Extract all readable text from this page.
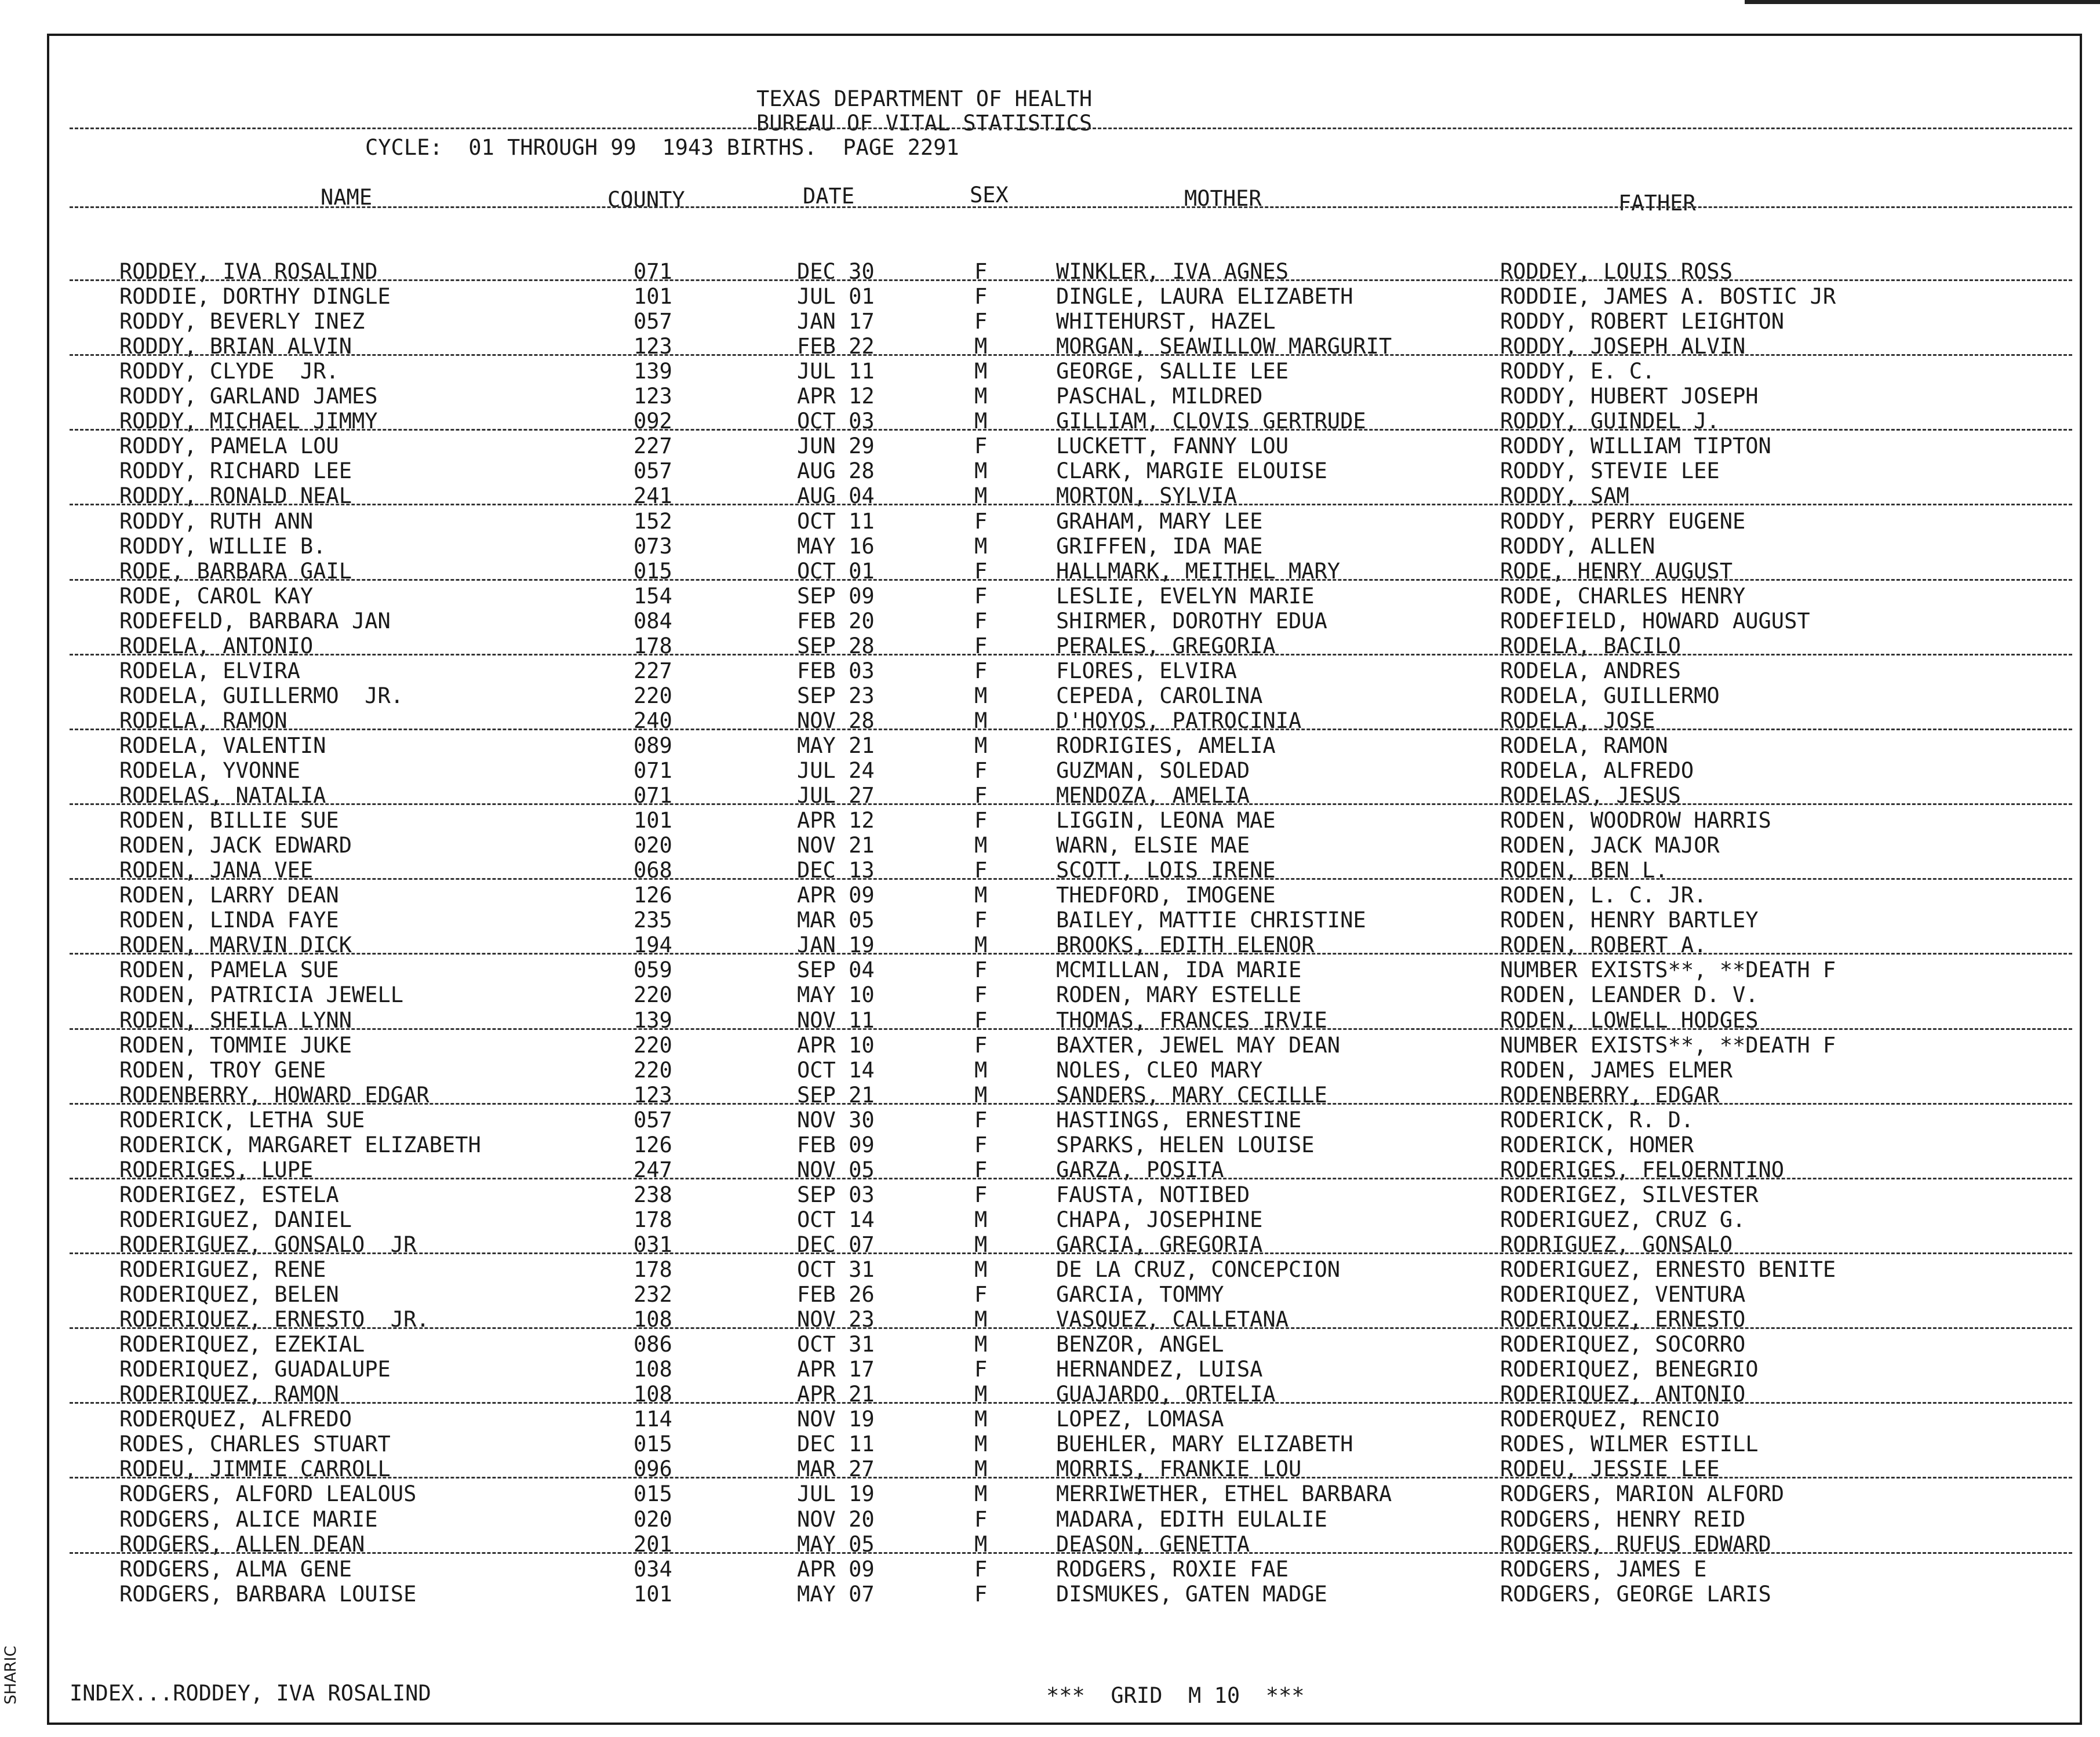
SHARIC
TEXAS DEPARTMENT OF HEALTH
BUREAU OF VITAL STATISTICS
CYCLE:  01 THROUGH 99  1943 BIRTHS.  PAGE 2291
NAME	COUNTY	DATE	SEX	MOTHER	FATHER
RODDEY, IVA ROSALIND	071	DEC 30	F	WINKLER, IVA AGNES	RODDEY, LOUIS ROSS
RODDIE, DORTHY DINGLE	101	JUL 01	F	DINGLE, LAURA ELIZABETH	RODDIE, JAMES A. BOSTIC JR
RODDY, BEVERLY INEZ	057	JAN 17	F	WHITEHURST, HAZEL	RODDY, ROBERT LEIGHTON
RODDY, BRIAN ALVIN	123	FEB 22	M	MORGAN, SEAWILLOW MARGURIT	RODDY, JOSEPH ALVIN
RODDY, CLYDE  JR.	139	JUL 11	M	GEORGE, SALLIE LEE	RODDY, E. C.
RODDY, GARLAND JAMES	123	APR 12	M	PASCHAL, MILDRED	RODDY, HUBERT JOSEPH
RODDY, MICHAEL JIMMY	092	OCT 03	M	GILLIAM, CLOVIS GERTRUDE	RODDY, GUINDEL J.
RODDY, PAMELA LOU	227	JUN 29	F	LUCKETT, FANNY LOU	RODDY, WILLIAM TIPTON
RODDY, RICHARD LEE	057	AUG 28	M	CLARK, MARGIE ELOUISE	RODDY, STEVIE LEE
RODDY, RONALD NEAL	241	AUG 04	M	MORTON, SYLVIA	RODDY, SAM
RODDY, RUTH ANN	152	OCT 11	F	GRAHAM, MARY LEE	RODDY, PERRY EUGENE
RODDY, WILLIE B.	073	MAY 16	M	GRIFFEN, IDA MAE	RODDY, ALLEN
RODE, BARBARA GAIL	015	OCT 01	F	HALLMARK, MEITHEL MARY	RODE, HENRY AUGUST
RODE, CAROL KAY	154	SEP 09	F	LESLIE, EVELYN MARIE	RODE, CHARLES HENRY
RODEFELD, BARBARA JAN	084	FEB 20	F	SHIRMER, DOROTHY EDUA	RODEFIELD, HOWARD AUGUST
RODELA, ANTONIO	178	SEP 28	F	PERALES, GREGORIA	RODELA, BACILO
RODELA, ELVIRA	227	FEB 03	F	FLORES, ELVIRA	RODELA, ANDRES
RODELA, GUILLERMO  JR.	220	SEP 23	M	CEPEDA, CAROLINA	RODELA, GUILLERMO
RODELA, RAMON	240	NOV 28	M	D'HOYOS, PATROCINIA	RODELA, JOSE
RODELA, VALENTIN	089	MAY 21	M	RODRIGIES, AMELIA	RODELA, RAMON
RODELA, YVONNE	071	JUL 24	F	GUZMAN, SOLEDAD	RODELA, ALFREDO
RODELAS, NATALIA	071	JUL 27	F	MENDOZA, AMELIA	RODELAS, JESUS
RODEN, BILLIE SUE	101	APR 12	F	LIGGIN, LEONA MAE	RODEN, WOODROW HARRIS
RODEN, JACK EDWARD	020	NOV 21	M	WARN, ELSIE MAE	RODEN, JACK MAJOR
RODEN, JANA VEE	068	DEC 13	F	SCOTT, LOIS IRENE	RODEN, BEN L.
RODEN, LARRY DEAN	126	APR 09	M	THEDFORD, IMOGENE	RODEN, L. C. JR.
RODEN, LINDA FAYE	235	MAR 05	F	BAILEY, MATTIE CHRISTINE	RODEN, HENRY BARTLEY
RODEN, MARVIN DICK	194	JAN 19	M	BROOKS, EDITH ELENOR	RODEN, ROBERT A.
RODEN, PAMELA SUE	059	SEP 04	F	MCMILLAN, IDA MARIE	NUMBER EXISTS**, **DEATH F
RODEN, PATRICIA JEWELL	220	MAY 10	F	RODEN, MARY ESTELLE	RODEN, LEANDER D. V.
RODEN, SHEILA LYNN	139	NOV 11	F	THOMAS, FRANCES IRVIE	RODEN, LOWELL HODGES
RODEN, TOMMIE JUKE	220	APR 10	F	BAXTER, JEWEL MAY DEAN	NUMBER EXISTS**, **DEATH F
RODEN, TROY GENE	220	OCT 14	M	NOLES, CLEO MARY	RODEN, JAMES ELMER
RODENBERRY, HOWARD EDGAR	123	SEP 21	M	SANDERS, MARY CECILLE	RODENBERRY, EDGAR
RODERICK, LETHA SUE	057	NOV 30	F	HASTINGS, ERNESTINE	RODERICK, R. D.
RODERICK, MARGARET ELIZABETH	126	FEB 09	F	SPARKS, HELEN LOUISE	RODERICK, HOMER
RODERIGES, LUPE	247	NOV 05	F	GARZA, POSITA	RODERIGES, FELOERNTINO
RODERIGEZ, ESTELA	238	SEP 03	F	FAUSTA, NOTIBED	RODERIGEZ, SILVESTER
RODERIGUEZ, DANIEL	178	OCT 14	M	CHAPA, JOSEPHINE	RODERIGUEZ, CRUZ G.
RODERIGUEZ, GONSALO  JR	031	DEC 07	M	GARCIA, GREGORIA	RODRIGUEZ, GONSALO
RODERIGUEZ, RENE	178	OCT 31	M	DE LA CRUZ, CONCEPCION	RODERIGUEZ, ERNESTO BENITE
RODERIQUEZ, BELEN	232	FEB 26	F	GARCIA, TOMMY	RODERIQUEZ, VENTURA
RODERIQUEZ, ERNESTO  JR.	108	NOV 23	M	VASQUEZ, CALLETANA	RODERIQUEZ, ERNESTO
RODERIQUEZ, EZEKIAL	086	OCT 31	M	BENZOR, ANGEL	RODERIQUEZ, SOCORRO
RODERIQUEZ, GUADALUPE	108	APR 17	F	HERNANDEZ, LUISA	RODERIQUEZ, BENEGRIO
RODERIQUEZ, RAMON	108	APR 21	M	GUAJARDO, ORTELIA	RODERIQUEZ, ANTONIO
RODERQUEZ, ALFREDO	114	NOV 19	M	LOPEZ, LOMASA	RODERQUEZ, RENCIO
RODES, CHARLES STUART	015	DEC 11	M	BUEHLER, MARY ELIZABETH	RODES, WILMER ESTILL
RODEU, JIMMIE CARROLL	096	MAR 27	M	MORRIS, FRANKIE LOU	RODEU, JESSIE LEE
RODGERS, ALFORD LEALOUS	015	JUL 19	M	MERRIWETHER, ETHEL BARBARA	RODGERS, MARION ALFORD
RODGERS, ALICE MARIE	020	NOV 20	F	MADARA, EDITH EULALIE	RODGERS, HENRY REID
RODGERS, ALLEN DEAN	201	MAY 05	M	DEASON, GENETTA	RODGERS, RUFUS EDWARD
RODGERS, ALMA GENE	034	APR 09	F	RODGERS, ROXIE FAE	RODGERS, JAMES E
RODGERS, BARBARA LOUISE	101	MAY 07	F	DISMUKES, GATEN MADGE	RODGERS, GEORGE LARIS
INDEX...RODDEY, IVA ROSALIND	***  GRID  M 10  ***
